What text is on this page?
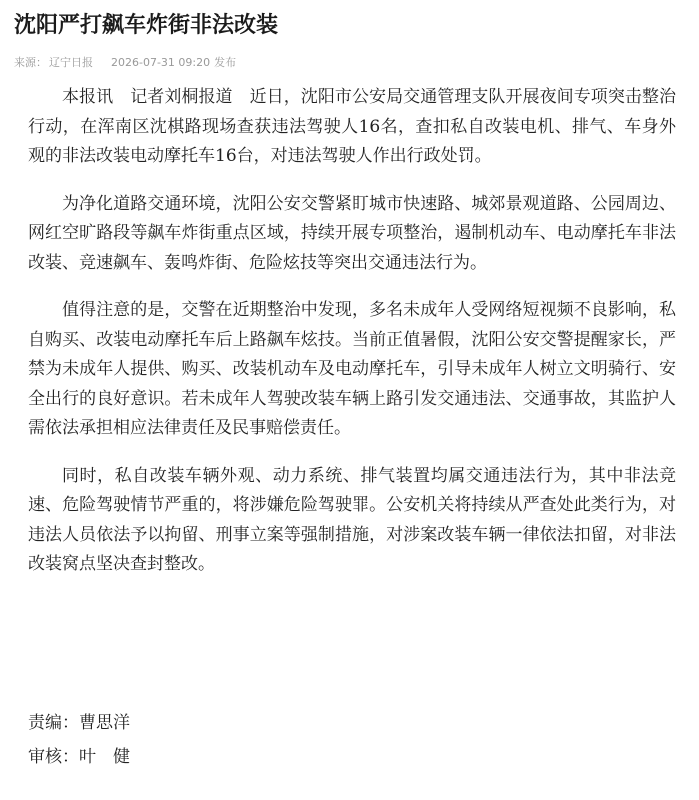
沈阳严打飙车炸街非法改装
来源： 辽宁日报 2026-07-31 09:20 发布

本报讯　记者刘桐报道　近日，沈阳市公安局交通管理支队开展夜间专项突击整治行动，在浑南区沈棋路现场查获违法驾驶人16名，查扣私自改装电机、排气、车身外观的非法改装电动摩托车16台，对违法驾驶人作出行政处罚。

为净化道路交通环境，沈阳公安交警紧盯城市快速路、城郊景观道路、公园周边、网红空旷路段等飙车炸街重点区域，持续开展专项整治，遏制机动车、电动摩托车非法改装、竞速飙车、轰鸣炸街、危险炫技等突出交通违法行为。

值得注意的是，交警在近期整治中发现，多名未成年人受网络短视频不良影响，私自购买、改装电动摩托车后上路飙车炫技。当前正值暑假，沈阳公安交警提醒家长，严禁为未成年人提供、购买、改装机动车及电动摩托车，引导未成年人树立文明骑行、安全出行的良好意识。若未成年人驾驶改装车辆上路引发交通违法、交通事故，其监护人需依法承担相应法律责任及民事赔偿责任。

同时，私自改装车辆外观、动力系统、排气装置均属交通违法行为，其中非法竞速、危险驾驶情节严重的，将涉嫌危险驾驶罪。公安机关将持续从严查处此类行为，对违法人员依法予以拘留、刑事立案等强制措施，对涉案改装车辆一律依法扣留，对非法改装窝点坚决查封整改。

责编：曹思洋
审核：叶　健
